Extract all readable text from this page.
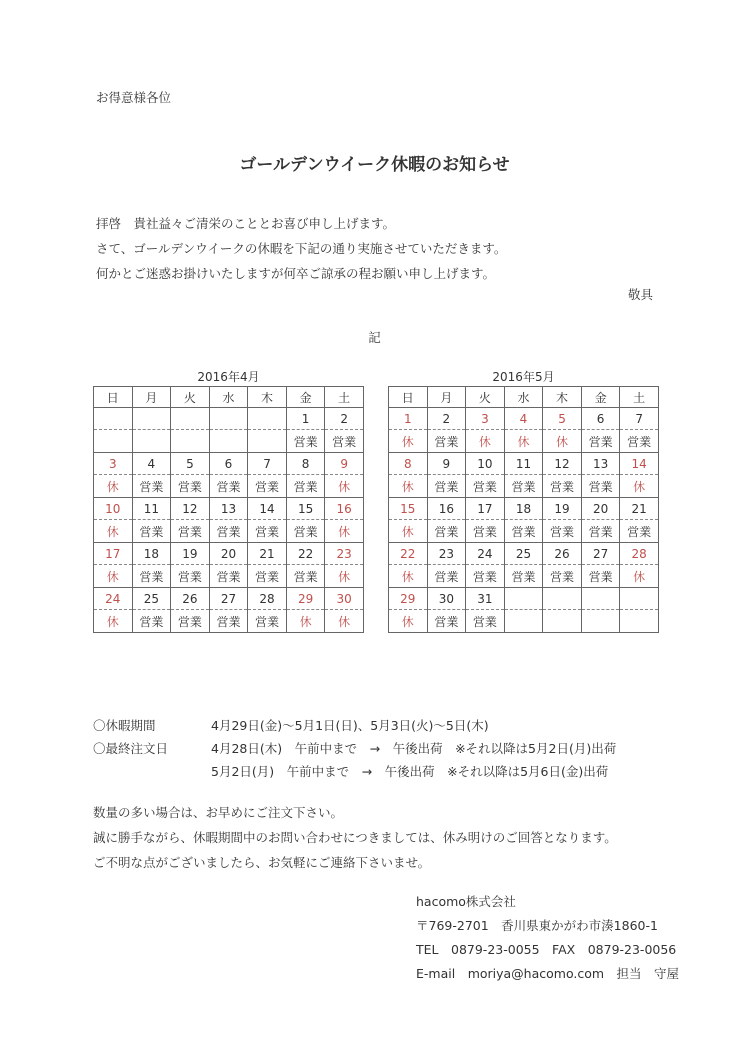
お得意様各位
ゴールデンウイーク休暇のお知らせ
拝啓　貴社益々ご清栄のこととお喜び申し上げます。
さて、ゴールデンウイークの休暇を下記の通り実施させていただきます。
何かとご迷惑お掛けいたしますが何卒ご諒承の程お願い申し上げます。
敬具
記
2016年4月
日	月	火	水	木	金	土
					1	2
					営業	営業
3	4	5	6	7	8	9
休	営業	営業	営業	営業	営業	休
10	11	12	13	14	15	16
休	営業	営業	営業	営業	営業	休
17	18	19	20	21	22	23
休	営業	営業	営業	営業	営業	休
24	25	26	27	28	29	30
休	営業	営業	営業	営業	休	休
2016年5月
日	月	火	水	木	金	土
1	2	3	4	5	6	7
休	営業	休	休	休	営業	営業
8	9	10	11	12	13	14
休	営業	営業	営業	営業	営業	休
15	16	17	18	19	20	21
休	営業	営業	営業	営業	営業	営業
22	23	24	25	26	27	28
休	営業	営業	営業	営業	営業	休
29	30	31				
休	営業	営業				
〇休暇期間	4月29日(金)～5月1日(日)、5月3日(火)～5日(木)
〇最終注文日	4月28日(木)　午前中まで　→　午後出荷　※それ以降は5月2日(月)出荷
5月2日(月)　午前中まで　→　午後出荷　※それ以降は5月6日(金)出荷
数量の多い場合は、お早めにご注文下さい。
誠に勝手ながら、休暇期間中のお問い合わせにつきましては、休み明けのご回答となります。
ご不明な点がございましたら、お気軽にご連絡下さいませ。
hacomo株式会社
〒769-2701　香川県東かがわ市湊1860-1
TEL　0879-23-0055　FAX　0879-23-0056
E-mail　moriya@hacomo.com　担当　守屋
